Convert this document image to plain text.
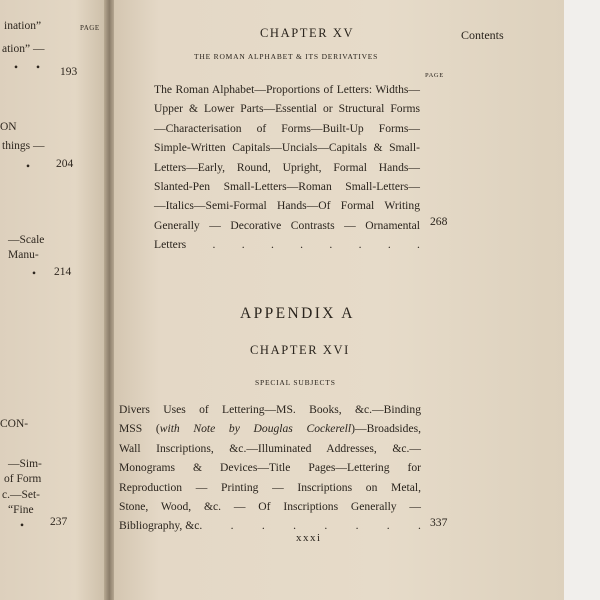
ination”
ation” —
• •
ON
things —
•
—Scale
Manu-
•
CON-
—Sim-
of Form
c.—Set-
“Fine
•
PAGE
193
204
214
237
Contents
CHAPTER XV
THE ROMAN ALPHABET & ITS DERIVATIVES
PAGE
The Roman Alphabet—Proportions of Letters: Widths—
Upper & Lower Parts—Essential or Structural Forms
—Characterisation of Forms—Built-Up Forms—
Simple-Written Capitals—Uncials—Capitals & Small-
Letters—Early, Round, Upright, Formal Hands—
Slanted-Pen Small-Letters—Roman Small-Letters—
—Italics—Semi-Formal Hands—Of Formal Writing
Generally — Decorative Contrasts — Ornamental
Letters . . . . . . . .
268
APPENDIX A
CHAPTER XVI
SPECIAL SUBJECTS
Divers Uses of Lettering—MS. Books, &c.—Binding
MSS (with Note by Douglas Cockerell)—Broadsides,
Wall Inscriptions, &c.—Illuminated Addresses, &c.—
Monograms & Devices—Title Pages—Lettering for
Reproduction — Printing — Inscriptions on Metal,
Stone, Wood, &c. — Of Inscriptions Generally —
Bibliography, &c. . . . . . . . 337
xxxi
